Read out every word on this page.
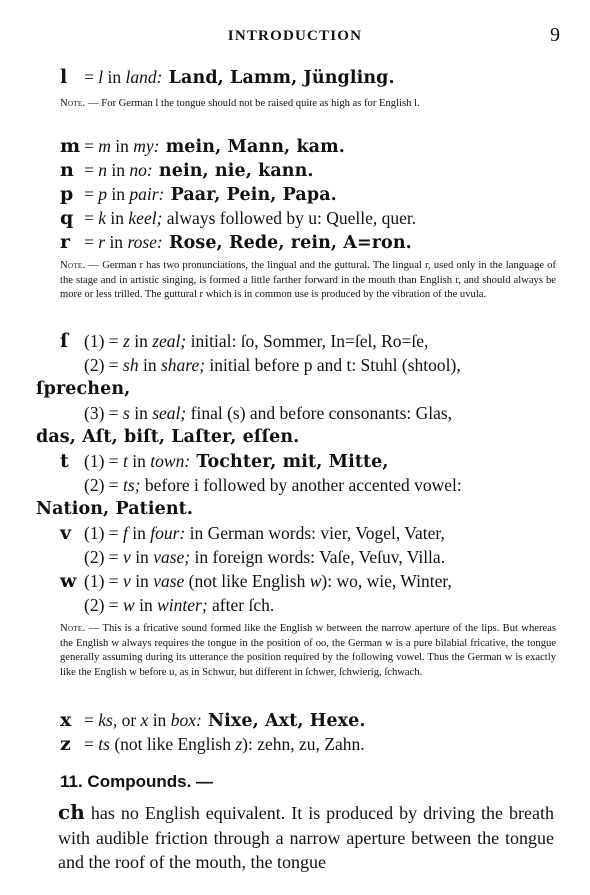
INTRODUCTION	9
l = l in land: Land, Lamm, Jüngling.
Note. — For German l the tongue should not be raised quite as high as for English l.
m = m in my: mein, Mann, kam.
n = n in no: nein, nie, kann.
p = p in pair: Paar, Pein, Papa.
q = k in keel; always followed by u: Quelle, quer.
r = r in rose: Rose, Rede, rein, A=ron.
Note. — German r has two pronunciations, the lingual and the guttural. The lingual r, used only in the language of the stage and in artistic singing, is formed a little farther forward in the mouth than English r, and should always be more or less trilled. The guttural r which is in common use is produced by the vibration of the uvula.
ſ (1) = z in zeal; initial: ſo, Sommer, In=ſel, Ro=ſe,
(2) = sh in share; initial before p and t: Stuhl (shtool),
ſprechen,
(3) = s in seal; final (s) and before consonants: Glas,
das, Aſt, biſt, Laſter, eſſen.
t (1) = t in town: Tochter, mit, Mitte,
(2) = ts; before i followed by another accented vowel:
Nation, Patient.
v (1) = f in four: in German words: vier, Vogel, Vater,
(2) = v in vase; in foreign words: Vaſe, Veſuv, Villa.
w (1) = v in vase (not like English w): wo, wie, Winter,
(2) = w in winter; after ſch.
Note. — This is a fricative sound formed like the English w between the narrow aperture of the lips. But whereas the English w always requires the tongue in the position of oo, the German w is a pure bilabial fricative, the tongue generally assuming during its utterance the position required by the following vowel. Thus the German w is exactly like the English w before u, as in Schwur, but different in ſchwer, ſchwierig, ſchwach.
x = ks, or x in box: Nixe, Axt, Hexe.
z = ts (not like English z): zehn, zu, Zahn.
11. Compounds. —
ch has no English equivalent. It is produced by driving the breath with audible friction through a narrow aperture between the tongue and the roof of the mouth, the tongue
